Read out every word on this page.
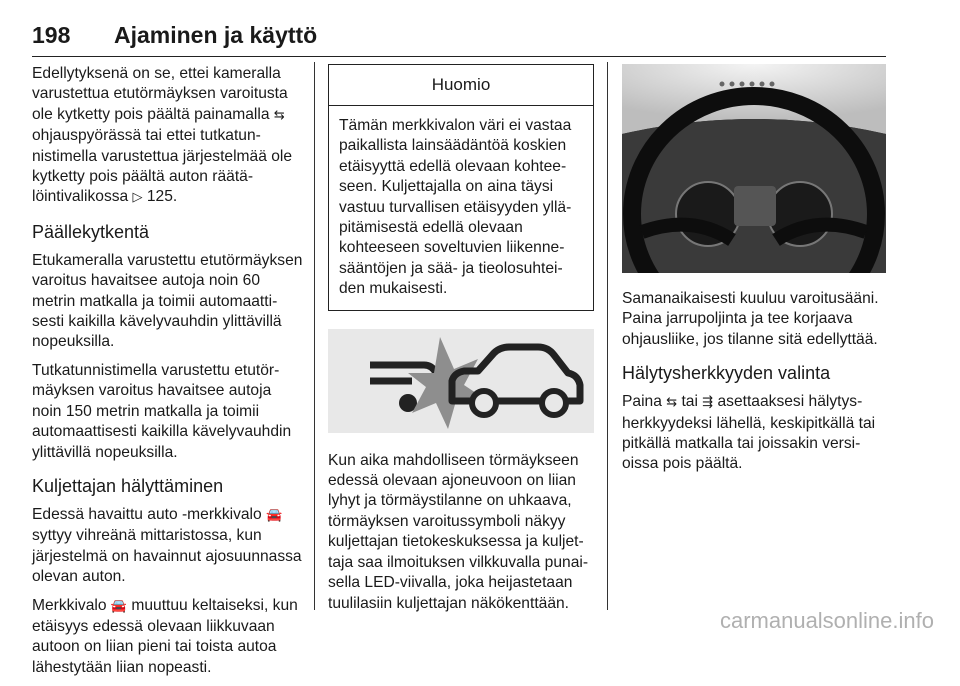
198 Ajaminen ja käyttö

Edellytyksenä on se, ettei kameralla varustettua etutörmäyksen varoitusta ole kytketty pois päältä painamalla ⇆ ohjauspyörässä tai ettei tutkatunnistimella varustettua järjestelmää ole kytketty pois päältä auton räätälöintivalikossa ▷ 125.

Päällekytkentä

Etukameralla varustettu etutörmäyksen varoitus havaitsee autoja noin 60 metrin matkalla ja toimii automaattisesti kaikilla kävelyvauhdin ylittävillä nopeuksilla.

Tutkatunnistimella varustettu etutörmäyksen varoitus havaitsee autoja noin 150 metrin matkalla ja toimii automaattisesti kaikilla kävelyvauhdin ylittävillä nopeuksilla.

Kuljettajan hälyttäminen

Edessä havaittu auto -merkkivalo 🚘 syttyy vihreänä mittaristossa, kun järjestelmä on havainnut ajosuunnassa olevan auton.

Merkkivalo 🚘 muuttuu keltaiseksi, kun etäisyys edessä olevaan liikkuvaan autoon on liian pieni tai toista autoa lähestytään liian nopeasti.

Huomio
Tämän merkkivalon väri ei vastaa paikallista lainsäädäntöä koskien etäisyyttä edellä olevaan kohteeseen. Kuljettajalla on aina täysi vastuu turvallisen etäisyyden ylläpitämisestä edellä olevaan kohteeseen soveltuvien liikennesääntöjen ja sää- ja tieolosuhteiden mukaisesti.

Kun aika mahdolliseen törmäykseen edessä olevaan ajoneuvoon on liian lyhyt ja törmäystilanne on uhkaava, törmäyksen varoitussymboli näkyy kuljettajan tietokeskuksessa ja kuljettaja saa ilmoituksen vilkkuvalla punaisella LED-viivalla, joka heijastetaan tuulilasiin kuljettajan näkökenttään.

Samanaikaisesti kuuluu varoitusääni. Paina jarrupoljinta ja tee korjaava ohjausliike, jos tilanne sitä edellyttää.

Hälytysherkkyyden valinta

Paina ⇆ tai ⇶ asettaaksesi hälytysherkkyydeksi lähellä, keskipitkällä tai pitkällä matkalla tai joissakin versioissa pois päältä.

carmanualsonline.info
